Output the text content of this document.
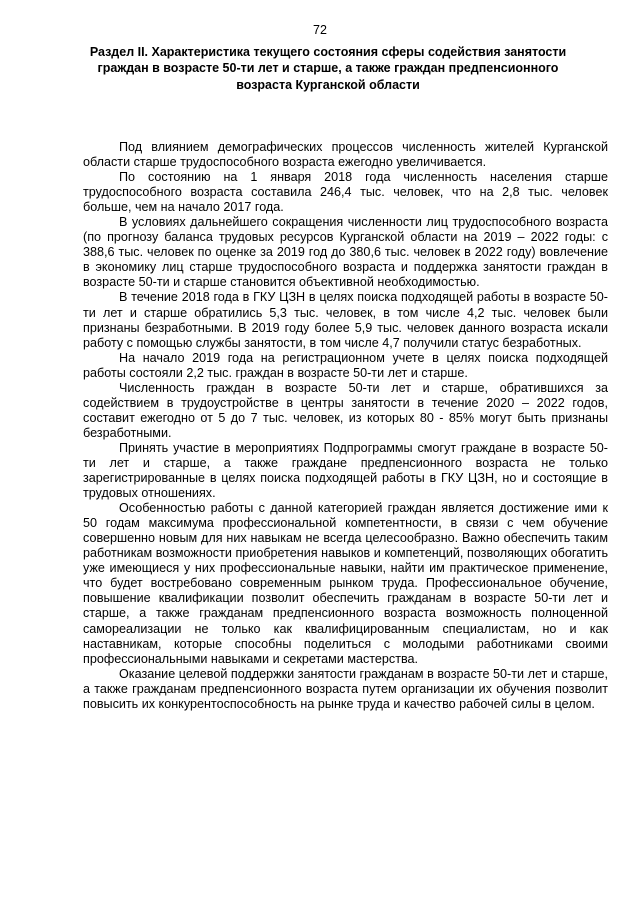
72
Раздел II. Характеристика текущего состояния сферы содействия занятости граждан в возрасте 50-ти лет и старше, а также граждан предпенсионного возраста Курганской области

Под влиянием демографических процессов численность жителей Курганской области старше трудоспособного возраста ежегодно увеличивается.

По состоянию на 1 января 2018 года численность населения старше трудоспособного возраста составила 246,4 тыс. человек, что на 2,8 тыс. человек больше, чем на начало 2017 года.

В условиях дальнейшего сокращения численности лиц трудоспособного возраста (по прогнозу баланса трудовых ресурсов Курганской области на 2019 – 2022 годы: с 388,6 тыс. человек по оценке за 2019 год до 380,6 тыс. человек в 2022 году) вовлечение в экономику лиц старше трудоспособного возраста и поддержка занятости граждан в возрасте 50-ти и старше становится объективной необходимостью.

В течение 2018 года в ГКУ ЦЗН в целях поиска подходящей работы в возрасте 50-ти лет и старше обратились 5,3 тыс. человек, в том числе 4,2 тыс. человек были признаны безработными. В 2019 году более 5,9 тыс. человек данного возраста искали работу с помощью службы занятости, в том числе 4,7 получили статус безработных.

На начало 2019 года на регистрационном учете в целях поиска подходящей работы состояли 2,2 тыс. граждан в возрасте 50-ти лет и старше.

Численность граждан в возрасте 50-ти лет и старше, обратившихся за содействием в трудоустройстве в центры занятости в течение 2020 – 2022 годов, составит ежегодно от 5 до 7 тыс. человек, из которых 80 - 85% могут быть признаны безработными.

Принять участие в мероприятиях Подпрограммы смогут граждане в возрасте 50-ти лет и старше, а также граждане предпенсионного возраста не только зарегистрированные в целях поиска подходящей работы в ГКУ ЦЗН, но и состоящие в трудовых отношениях.

Особенностью работы с данной категорией граждан является достижение ими к 50 годам максимума профессиональной компетентности, в связи с чем обучение совершенно новым для них навыкам не всегда целесообразно. Важно обеспечить таким работникам возможности приобретения навыков и компетенций, позволяющих обогатить уже имеющиеся у них профессиональные навыки, найти им практическое применение, что будет востребовано современным рынком труда. Профессиональное обучение, повышение квалификации позволит обеспечить гражданам в возрасте 50-ти лет и старше, а также гражданам предпенсионного возраста возможность полноценной самореализации не только как квалифицированным специалистам, но и как наставникам, которые способны поделиться с молодыми работниками своими профессиональными навыками и секретами мастерства.

Оказание целевой поддержки занятости гражданам в возрасте 50-ти лет и старше, а также гражданам предпенсионного возраста путем организации их обучения позволит повысить их конкурентоспособность на рынке труда и качество рабочей силы в целом.
